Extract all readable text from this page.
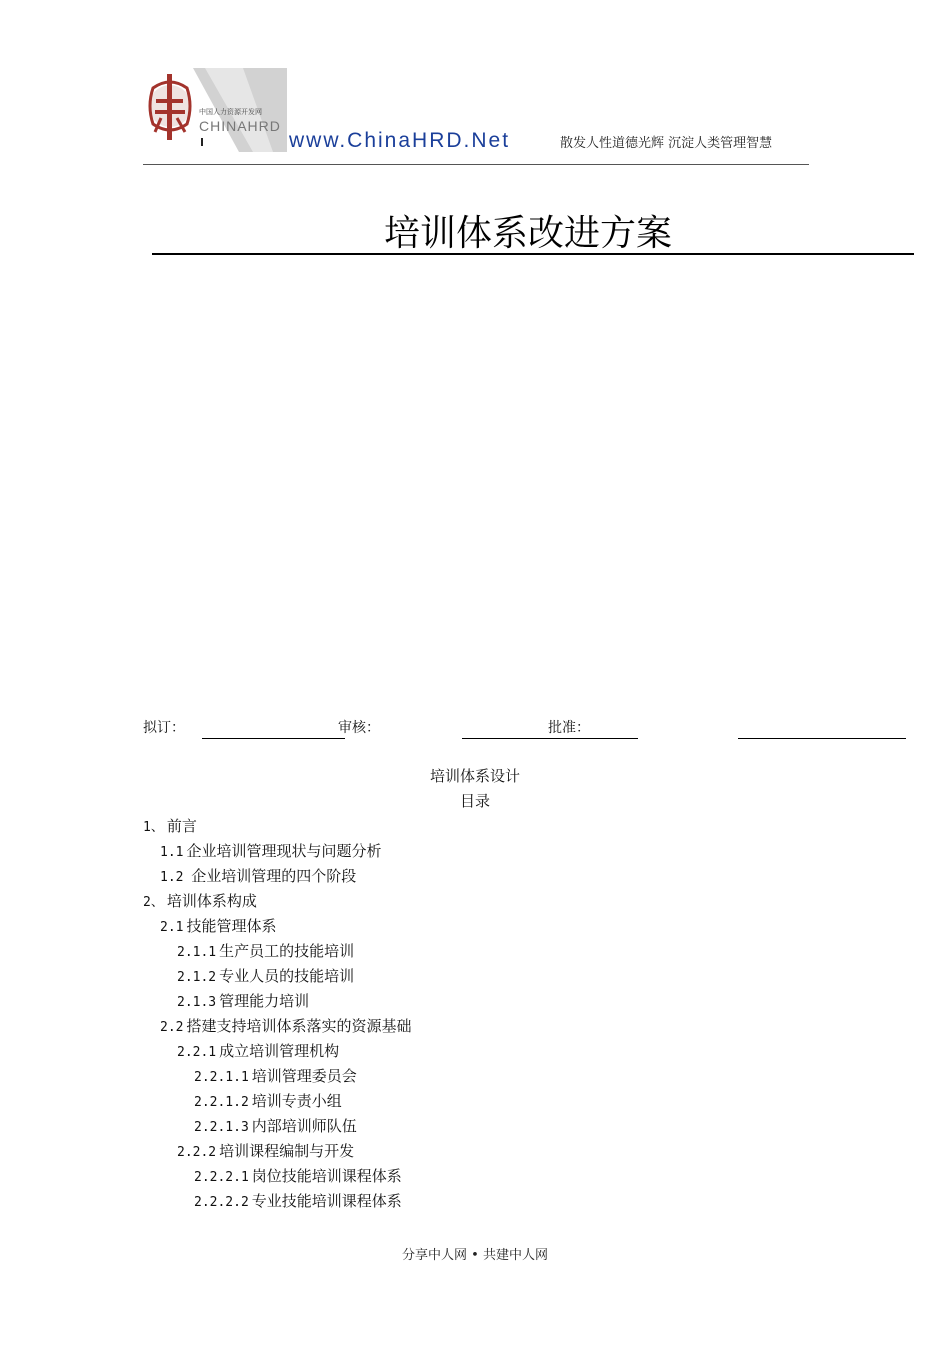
中国人力资源开发网
CHINAHRD
www.ChinaHRD.Net	散发人性道德光辉 沉淀人类管理智慧
培训体系改进方案
拟订：	审核：	批准：
培训体系设计
目录
1、 前言
1.1 企业培训管理现状与问题分析
1.2 企业培训管理的四个阶段
2、 培训体系构成
2.1 技能管理体系
2.1.1 生产员工的技能培训
2.1.2 专业人员的技能培训
2.1.3 管理能力培训
2.2 搭建支持培训体系落实的资源基础
2.2.1 成立培训管理机构
2.2.1.1 培训管理委员会
2.2.1.2 培训专责小组
2.2.1.3 内部培训师队伍
2.2.2 培训课程编制与开发
2.2.2.1 岗位技能培训课程体系
2.2.2.2 专业技能培训课程体系
分享中人网 • 共建中人网
